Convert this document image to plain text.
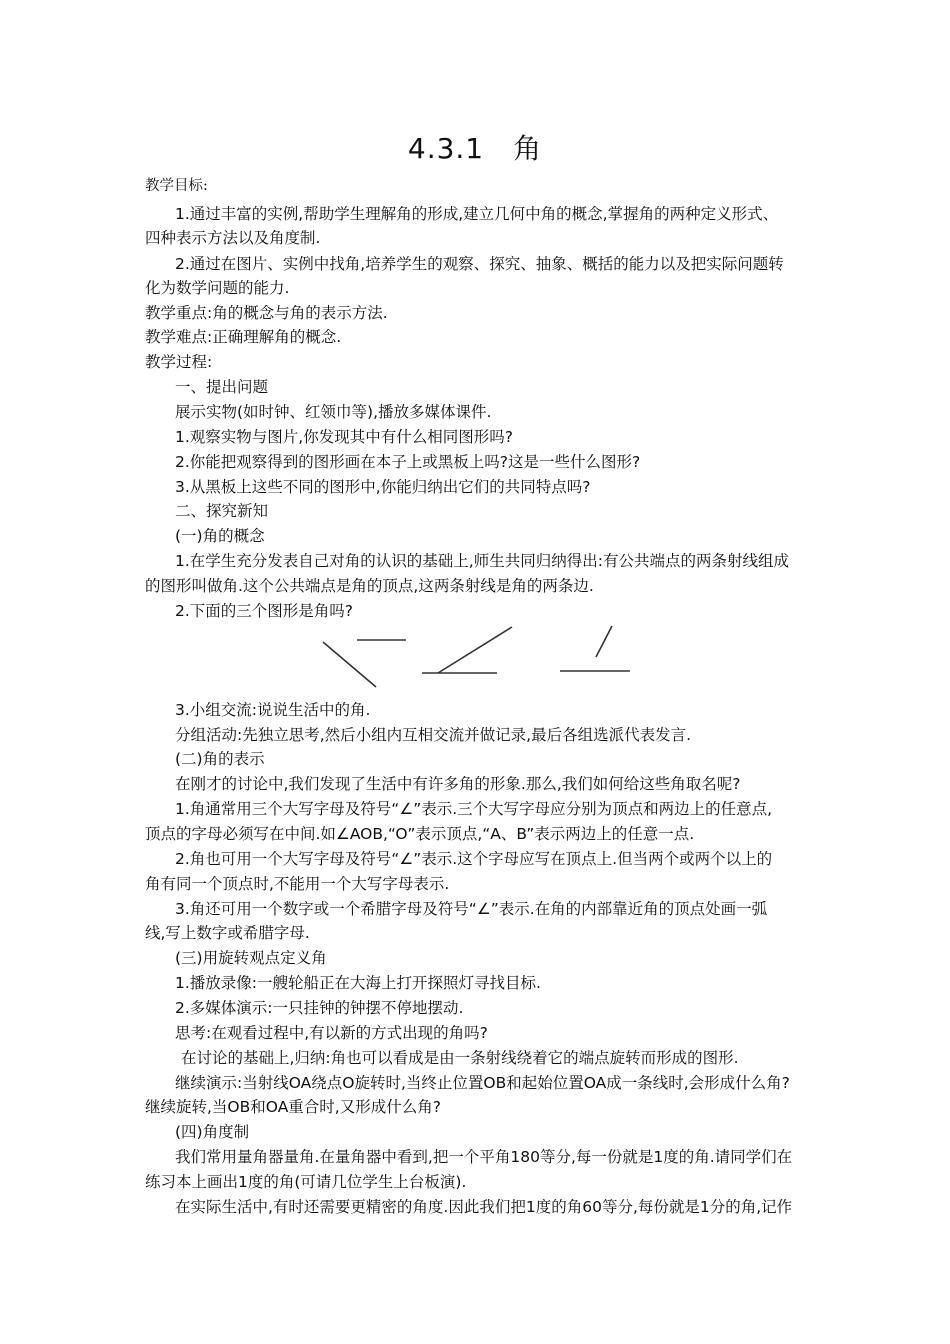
4.3.1　角
教学目标:
1.通过丰富的实例,帮助学生理解角的形成,建立几何中角的概念,掌握角的两种定义形式、
四种表示方法以及角度制.
2.通过在图片、实例中找角,培养学生的观察、探究、抽象、概括的能力以及把实际问题转
化为数学问题的能力.
教学重点:角的概念与角的表示方法.
教学难点:正确理解角的概念.
教学过程:
一、提出问题
展示实物(如时钟、红领巾等),播放多媒体课件.
1.观察实物与图片,你发现其中有什么相同图形吗?
2.你能把观察得到的图形画在本子上或黑板上吗?这是一些什么图形?
3.从黑板上这些不同的图形中,你能归纳出它们的共同特点吗?
二、探究新知
(一)角的概念
1.在学生充分发表自己对角的认识的基础上,师生共同归纳得出:有公共端点的两条射线组成
的图形叫做角.这个公共端点是角的顶点,这两条射线是角的两条边.
2.下面的三个图形是角吗?
3.小组交流:说说生活中的角.
分组活动:先独立思考,然后小组内互相交流并做记录,最后各组选派代表发言.
(二)角的表示
在刚才的讨论中,我们发现了生活中有许多角的形象.那么,我们如何给这些角取名呢?
1.角通常用三个大写字母及符号“∠”表示.三个大写字母应分别为顶点和两边上的任意点,
顶点的字母必须写在中间.如∠AOB,“O”表示顶点,“A、B”表示两边上的任意一点.
2.角也可用一个大写字母及符号“∠”表示.这个字母应写在顶点上.但当两个或两个以上的
角有同一个顶点时,不能用一个大写字母表示.
3.角还可用一个数字或一个希腊字母及符号“∠”表示.在角的内部靠近角的顶点处画一弧
线,写上数字或希腊字母.
(三)用旋转观点定义角
1.播放录像:一艘轮船正在大海上打开探照灯寻找目标.
2.多媒体演示:一只挂钟的钟摆不停地摆动.
思考:在观看过程中,有以新的方式出现的角吗?
在讨论的基础上,归纳:角也可以看成是由一条射线绕着它的端点旋转而形成的图形.
继续演示:当射线OA绕点O旋转时,当终止位置OB和起始位置OA成一条线时,会形成什么角?
继续旋转,当OB和OA重合时,又形成什么角?
(四)角度制
我们常用量角器量角.在量角器中看到,把一个平角180等分,每一份就是1度的角.请同学们在
练习本上画出1度的角(可请几位学生上台板演).
在实际生活中,有时还需要更精密的角度.因此我们把1度的角60等分,每份就是1分的角,记作
